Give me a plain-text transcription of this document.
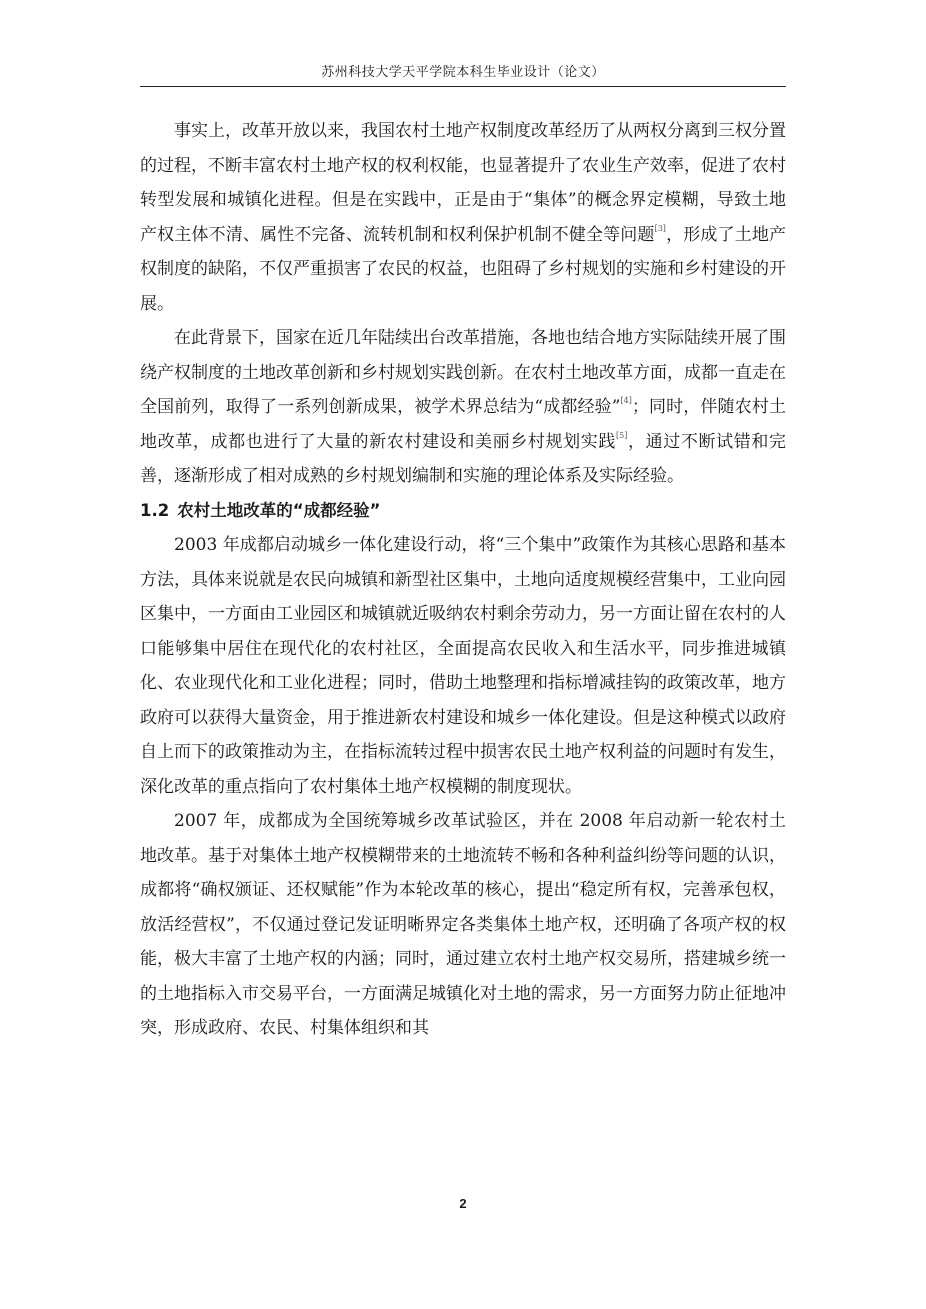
苏州科技大学天平学院本科生毕业设计（论文）

事实上，改革开放以来，我国农村土地产权制度改革经历了从两权分离到三权分置的过程，不断丰富农村土地产权的权利权能，也显著提升了农业生产效率，促进了农村转型发展和城镇化进程。但是在实践中，正是由于“集体”的概念界定模糊，导致土地产权主体不清、属性不完备、流转机制和权利保护机制不健全等问题[3]，形成了土地产权制度的缺陷，不仅严重损害了农民的权益，也阻碍了乡村规划的实施和乡村建设的开展。

在此背景下，国家在近几年陆续出台改革措施，各地也结合地方实际陆续开展了围绕产权制度的土地改革创新和乡村规划实践创新。在农村土地改革方面，成都一直走在全国前列，取得了一系列创新成果，被学术界总结为“成都经验”[4]；同时，伴随农村土地改革，成都也进行了大量的新农村建设和美丽乡村规划实践[5]，通过不断试错和完善，逐渐形成了相对成熟的乡村规划编制和实施的理论体系及实际经验。

1.2 农村土地改革的“成都经验”

2003 年成都启动城乡一体化建设行动，将“三个集中”政策作为其核心思路和基本方法，具体来说就是农民向城镇和新型社区集中，土地向适度规模经营集中，工业向园区集中，一方面由工业园区和城镇就近吸纳农村剩余劳动力，另一方面让留在农村的人口能够集中居住在现代化的农村社区，全面提高农民收入和生活水平，同步推进城镇化、农业现代化和工业化进程；同时，借助土地整理和指标增减挂钩的政策改革，地方政府可以获得大量资金，用于推进新农村建设和城乡一体化建设。但是这种模式以政府自上而下的政策推动为主，在指标流转过程中损害农民土地产权利益的问题时有发生，深化改革的重点指向了农村集体土地产权模糊的制度现状。

2007 年，成都成为全国统筹城乡改革试验区，并在 2008 年启动新一轮农村土地改革。基于对集体土地产权模糊带来的土地流转不畅和各种利益纠纷等问题的认识，成都将“确权颁证、还权赋能”作为本轮改革的核心，提出“稳定所有权，完善承包权，放活经营权”，不仅通过登记发证明晰界定各类集体土地产权，还明确了各项产权的权能，极大丰富了土地产权的内涵；同时，通过建立农村土地产权交易所，搭建城乡统一的土地指标入市交易平台，一方面满足城镇化对土地的需求，另一方面努力防止征地冲突，形成政府、农民、村集体组织和其

2
